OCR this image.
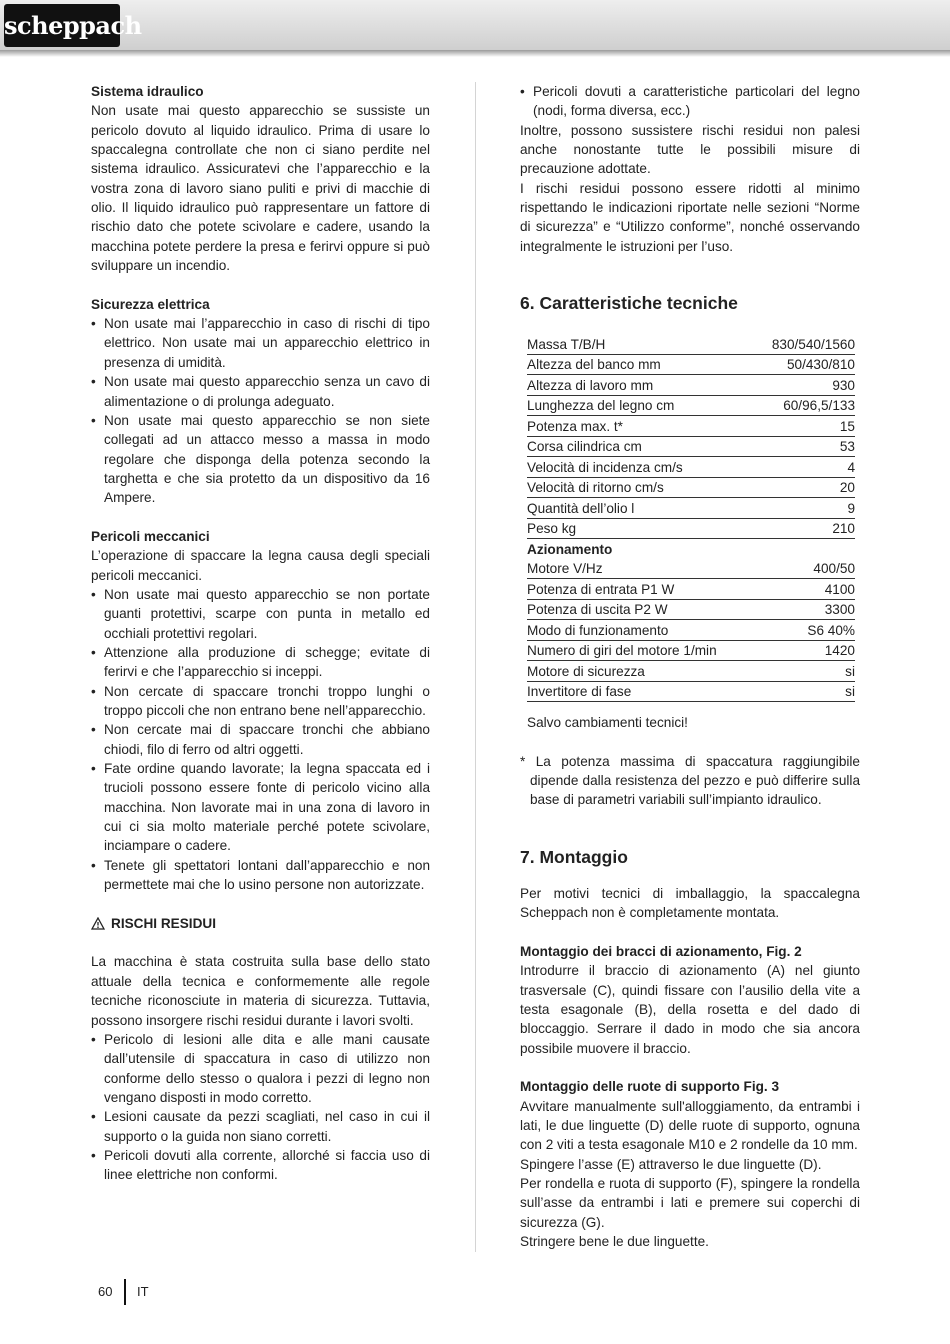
scheppach
Sistema idraulico
Non usate mai questo apparecchio se sussiste un pericolo dovuto al liquido idraulico. Prima di usare lo spaccalegna controllate che non ci siano perdite nel sistema idraulico. Assicuratevi che l’apparecchio e la vostra zona di lavoro siano puliti e privi di macchie di olio. Il liquido idraulico può rappresentare un fattore di rischio dato che potete scivolare e cadere, usando la macchina potete perdere la presa e ferirvi oppure si può sviluppare un incendio.
Sicurezza elettrica
• Non usate mai l’apparecchio in caso di rischi di tipo elettrico. Non usate mai un apparecchio elettrico in presenza di umidità.
• Non usate mai questo apparecchio senza un cavo di alimentazione o di prolunga adeguato.
• Non usate mai questo apparecchio se non siete collegati ad un attacco messo a massa in modo regolare che disponga della potenza secondo la targhetta e che sia protetto da un dispositivo da 16 Ampere.
Pericoli meccanici
L’operazione di spaccare la legna causa degli speciali pericoli meccanici.
• Non usate mai questo apparecchio se non portate guanti protettivi, scarpe con punta in metallo ed occhiali protettivi regolari.
• Attenzione alla produzione di schegge; evitate di ferirvi e che l’apparecchio si inceppi.
• Non cercate di spaccare tronchi troppo lunghi o troppo piccoli che non entrano bene nell’apparecchio.
• Non cercate mai di spaccare tronchi che abbiano chiodi, filo di ferro od altri oggetti.
• Fate ordine quando lavorate; la legna spaccata ed i trucioli possono essere fonte di pericolo vicino alla macchina. Non lavorate mai in una zona di lavoro in cui ci sia molto materiale perché potete scivolare, inciampare o cadere.
• Tenete gli spettatori lontani dall’apparecchio e non permettete mai che lo usino persone non autorizzate.
RISCHI RESIDUI
La macchina è stata costruita sulla base dello stato attuale della tecnica e conformemente alle regole tecniche riconosciute in materia di sicurezza. Tuttavia, possono insorgere rischi residui durante i lavori svolti.
• Pericolo di lesioni alle dita e alle mani causate dall’utensile di spaccatura in caso di utilizzo non conforme dello stesso o qualora i pezzi di legno non vengano disposti in modo corretto.
• Lesioni causate da pezzi scagliati, nel caso in cui il supporto o la guida non siano corretti.
• Pericoli dovuti alla corrente, allorché si faccia uso di linee elettriche non conformi.
• Pericoli dovuti a caratteristiche particolari del legno (nodi, forma diversa, ecc.)
Inoltre, possono sussistere rischi residui non palesi anche nonostante tutte le possibili misure di precauzione adottate.
I rischi residui possono essere ridotti al minimo rispettando le indicazioni riportate nelle sezioni “Norme di sicurezza” e “Utilizzo conforme”, nonché osservando integralmente le istruzioni per l’uso.
6. Caratteristiche tecniche
Massa T/B/H	830/540/1560
Altezza del banco mm	50/430/810
Altezza di lavoro mm	930
Lunghezza del legno cm	60/96,5/133
Potenza max. t*	15
Corsa cilindrica cm	53
Velocità di incidenza cm/s	4
Velocità di ritorno cm/s	20
Quantità dell’olio l	9
Peso kg	210
Azionamento
Motore V/Hz	400/50
Potenza di entrata P1 W	4100
Potenza di uscita P2 W	3300
Modo di funzionamento	S6 40%
Numero di giri del motore 1/min	1420
Motore di sicurezza	si
Invertitore di fase	si
Salvo cambiamenti tecnici!
* La potenza massima di spaccatura raggiungibile dipende dalla resistenza del pezzo e può differire sulla base di parametri variabili sull’impianto idraulico.
7. Montaggio
Per motivi tecnici di imballaggio, la spaccalegna Scheppach non è completamente montata.
Montaggio dei bracci di azionamento, Fig. 2
Introdurre il braccio di azionamento (A) nel giunto trasversale (C), quindi fissare con l’ausilio della vite a testa esagonale (B), della rosetta e del dado di bloccaggio. Serrare il dado in modo che sia ancora possibile muovere il braccio.
Montaggio delle ruote di supporto Fig. 3
Avvitare manualmente sull'alloggiamento, da entrambi i lati, le due linguette (D) delle ruote di supporto, ognuna con 2 viti a testa esagonale M10 e 2 rondelle da 10 mm.
Spingere l’asse (E) attraverso le due linguette (D).
Per rondella e ruota di supporto (F), spingere la rondella sull’asse da entrambi i lati e premere sui coperchi di sicurezza (G).
Stringere bene le due linguette.
60 IT
